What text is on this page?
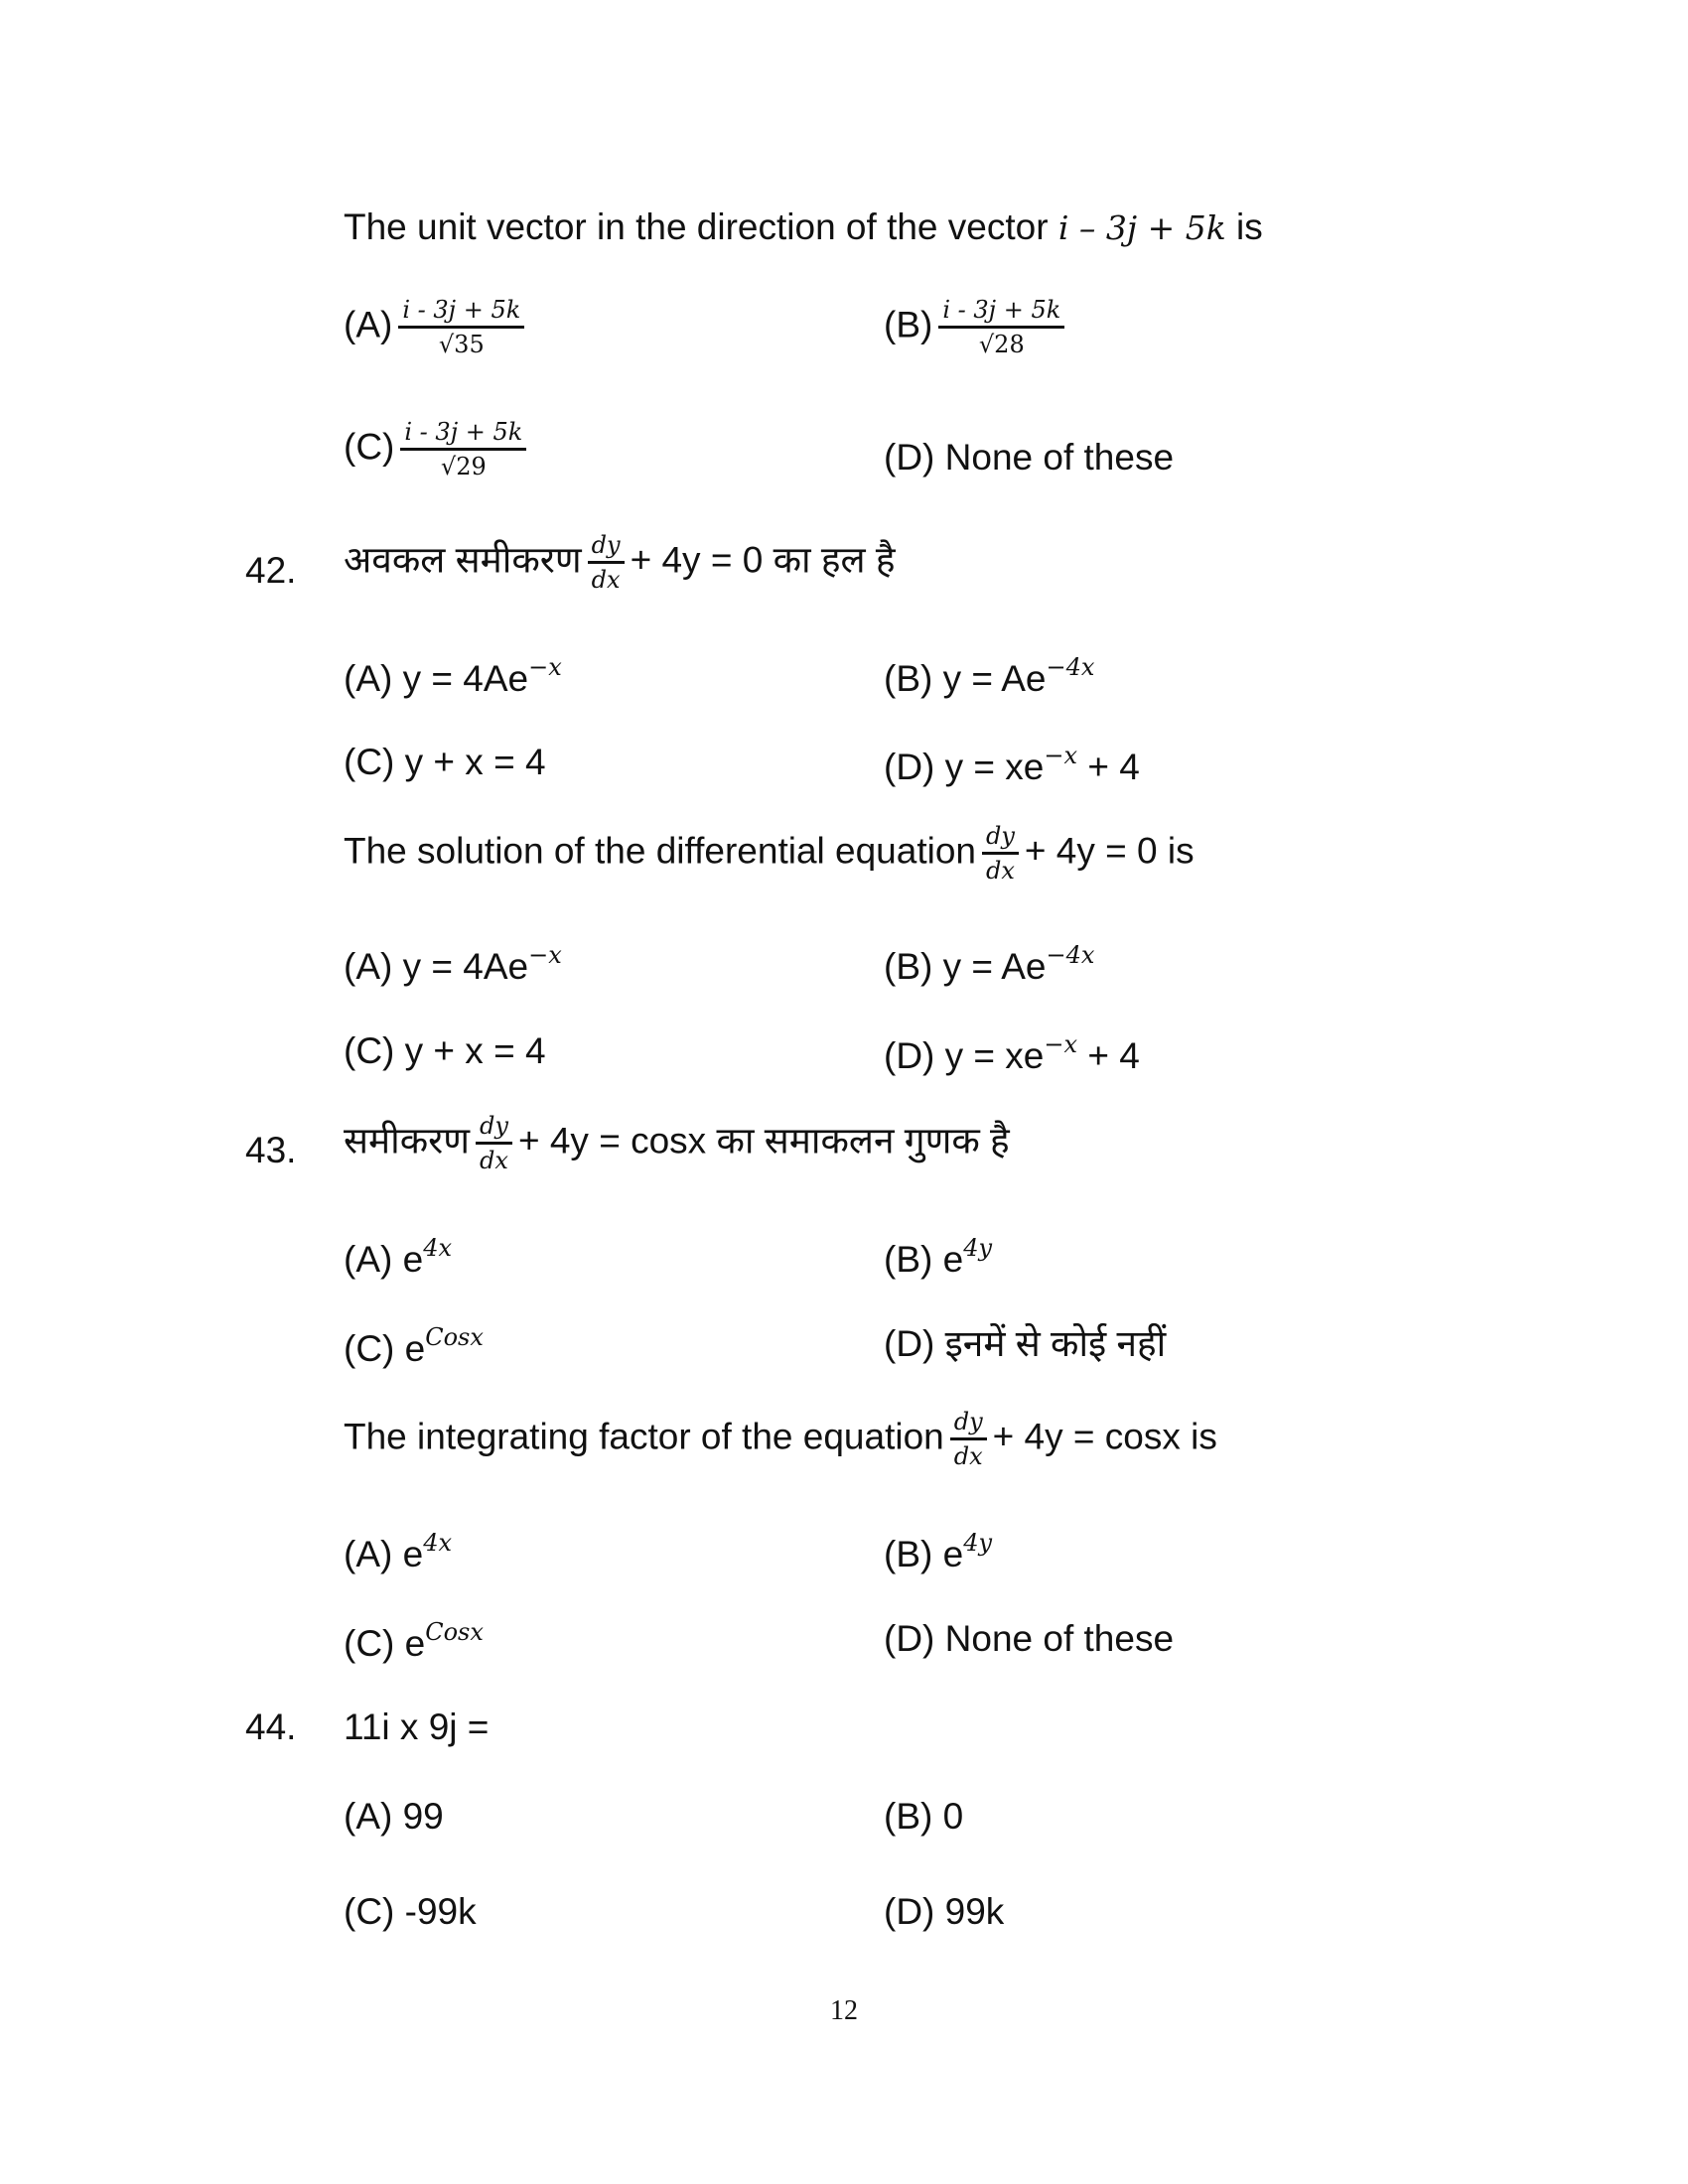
The unit vector in the direction of the vector i – 3j + 5k is
$(A) \frac{i - 3j + 5k}{√35}$	$(B) \frac{i - 3j + 5k}{√28}$
$(C) \frac{i - 3j + 5k}{√29}$	(D) None of these
42. अवकल समीकरण $\frac{dy}{dx} + 4y = 0$ का हल है
(A) $y = 4Ae^{-x}$	(B) $y = Ae^{-4x}$
(C) y + x = 4	(D) $y = xe^{-x} + 4$
The solution of the differential equation $\frac{dy}{dx} + 4y = 0$ is
(A) $y = 4Ae^{-x}$	(B) $y = Ae^{-4x}$
(C) y + x = 4	(D) $y = xe^{-x} + 4$
43. समीकरण $\frac{dy}{dx} + 4y = \cos x$ का समाकलन गुणक है
(A) $e^{4x}$	(B) $e^{4y}$
(C) $e^{Cosx}$	(D) इनमें से कोई नहीं
The integrating factor of the equation $\frac{dy}{dx} + 4y = \cos x$ is
(A) $e^{4x}$	(B) $e^{4y}$
(C) $e^{Cosx}$	(D) None of these
44. 11i x 9j =
(A) 99	(B) 0
(C) -99k	(D) 99k
12
